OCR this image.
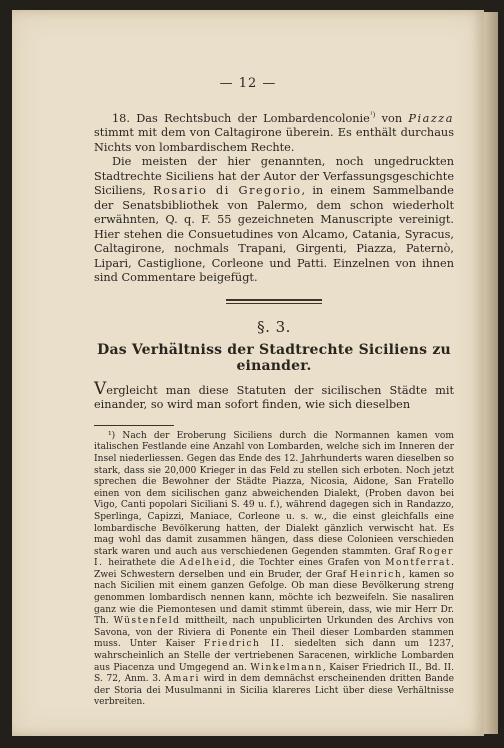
— 12 —

18. Das Rechtsbuch der Lombardencolonie$^{^1)}$ von Piazza stimmt mit dem von Caltagirone überein. Es enthält durchaus Nichts von lombardischem Rechte.

Die meisten der hier genannten, noch ungedruckten Stadtrechte Siciliens hat der Autor der Verfassungsgeschichte Siciliens, Rosario di Gregorio, in einem Sammelbande der Senatsbibliothek von Palermo, dem schon wiederholt erwähnten, Q. q. F. 55 gezeichneten Manuscripte vereinigt. Hier stehen die Consuetudines von Alcamo, Catania, Syracus, Caltagirone, nochmals Trapani, Girgenti, Piazza, Paternò, Lipari, Castiglione, Corleone und Patti. Einzelnen von ihnen sind Commentare beigefügt.

§. 3.
Das Verhältniss der Stadtrechte Siciliens zu einander.

Vergleicht man diese Statuten der sicilischen Städte mit einander, so wird man sofort finden, wie sich dieselben

¹) Nach der Eroberung Siciliens durch die Normannen kamen vom italischen Festlande eine Anzahl von Lombarden, welche sich im Inneren der Insel niederliessen. Gegen das Ende des 12. Jahrhunderts waren dieselben so stark, dass sie 20,000 Krieger in das Feld zu stellen sich erboten. Noch jetzt sprechen die Bewohner der Städte Piazza, Nicosia, Aidone, San Fratello einen von dem sicilischen ganz abweichenden Dialekt, (Proben davon bei Vigo, Canti popolari Siciliani S. 49 u. f.), während dagegen sich in Randazzo, Sperlinga, Capizzi, Maniace, Corleone u. s. w., die einst gleichfalls eine lombardische Bevölkerung hatten, der Dialekt gänzlich verwischt hat. Es mag wohl das damit zusammen hängen, dass diese Colonieen verschieden stark waren und auch aus verschiedenen Gegenden stammten. Graf Roger I. heirathete die Adelheid, die Tochter eines Grafen von Montferrat. Zwei Schwestern derselben und ein Bruder, der Graf Heinrich, kamen so nach Sicilien mit einem ganzen Gefolge. Ob man diese Bevölkerung streng genommen lombardisch nennen kann, möchte ich bezweifeln. Sie nasaliren ganz wie die Piemontesen und damit stimmt überein, dass, wie mir Herr Dr. Th. Wüstenfeld mittheilt, nach unpublicirten Urkunden des Archivs von Savona, von der Riviera di Ponente ein Theil dieser Lombarden stammen muss. Unter Kaiser Friedrich II. siedelten sich dann um 1237, wahrscheinlich an Stelle der vertriebenen Saracenen, wirkliche Lombarden aus Piacenza und Umgegend an. Winkelmann, Kaiser Friedrich II., Bd. II. S. 72, Anm. 3. Amari wird in dem demnächst erscheinenden dritten Bande der Storia dei Musulmanni in Sicilia klareres Licht über diese Verhältnisse verbreiten.
